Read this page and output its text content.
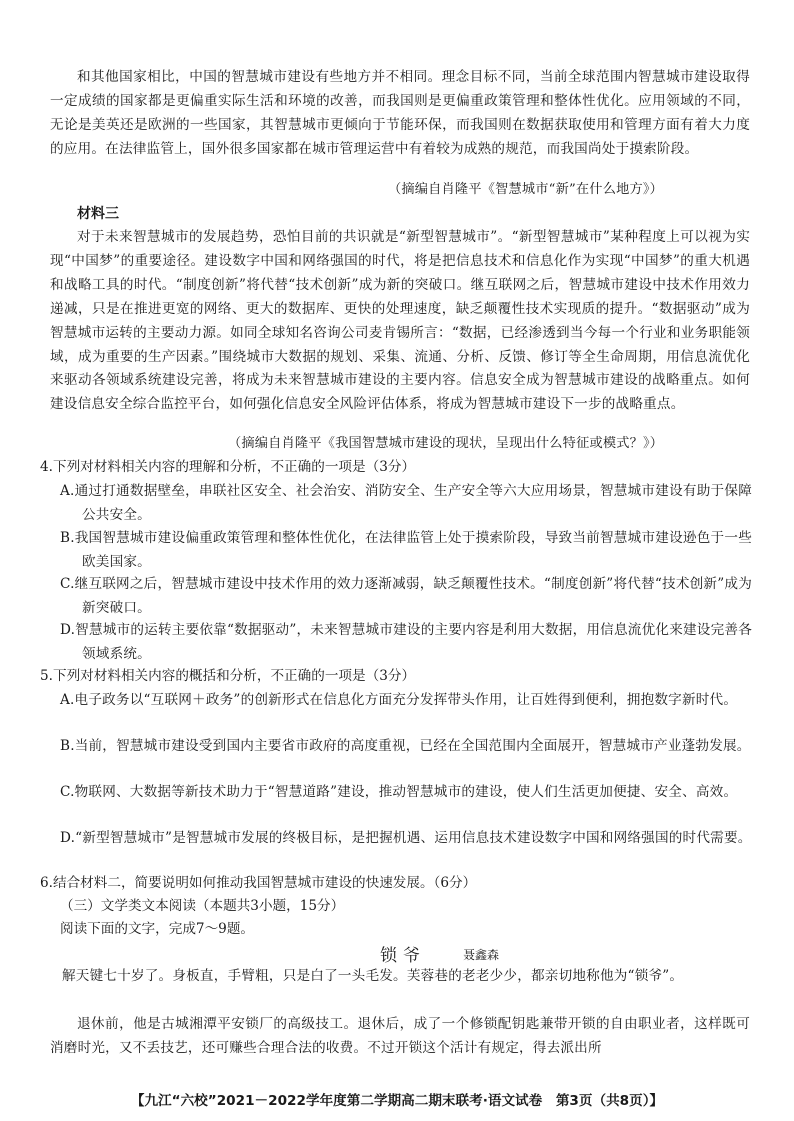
和其他国家相比，中国的智慧城市建设有些地方并不相同。理念目标不同，当前全球范围内智慧城市建设取得一定成绩的国家都是更偏重实际生活和环境的改善，而我国则是更偏重政策管理和整体性优化。应用领域的不同，无论是美英还是欧洲的一些国家，其智慧城市更倾向于节能环保，而我国则在数据获取使用和管理方面有着大力度的应用。在法律监管上，国外很多国家都在城市管理运营中有着较为成熟的规范，而我国尚处于摸索阶段。
（摘编自肖隆平《智慧城市“新”在什么地方》）
材料三
对于未来智慧城市的发展趋势，恐怕目前的共识就是“新型智慧城市”。“新型智慧城市”某种程度上可以视为实现“中国梦”的重要途径。建设数字中国和网络强国的时代，将是把信息技术和信息化作为实现“中国梦”的重大机遇和战略工具的时代。“制度创新”将代替“技术创新”成为新的突破口。继互联网之后，智慧城市建设中技术作用效力递减，只是在推进更宽的网络、更大的数据库、更快的处理速度，缺乏颠覆性技术实现质的提升。“数据驱动”成为智慧城市运转的主要动力源。如同全球知名咨询公司麦肯锡所言：“数据，已经渗透到当今每一个行业和业务职能领域，成为重要的生产因素。”围绕城市大数据的规划、采集、流通、分析、反馈、修订等全生命周期，用信息流优化来驱动各领域系统建设完善，将成为未来智慧城市建设的主要内容。信息安全成为智慧城市建设的战略重点。如何建设信息安全综合监控平台，如何强化信息安全风险评估体系，将成为智慧城市建设下一步的战略重点。
（摘编自肖隆平《我国智慧城市建设的现状，呈现出什么特征或模式？》）
4.下列对材料相关内容的理解和分析，不正确的一项是（3分）
A.通过打通数据壁垒，串联社区安全、社会治安、消防安全、生产安全等六大应用场景，智慧城市建设有助于保障公共安全。
B.我国智慧城市建设偏重政策管理和整体性优化，在法律监管上处于摸索阶段，导致当前智慧城市建设逊色于一些欧美国家。
C.继互联网之后，智慧城市建设中技术作用的效力逐渐减弱，缺乏颠覆性技术。“制度创新”将代替“技术创新”成为新突破口。
D.智慧城市的运转主要依靠“数据驱动”，未来智慧城市建设的主要内容是利用大数据，用信息流优化来建设完善各领域系统。
5.下列对材料相关内容的概括和分析，不正确的一项是（3分）
A.电子政务以“互联网＋政务”的创新形式在信息化方面充分发挥带头作用，让百姓得到便利，拥抱数字新时代。
B.当前，智慧城市建设受到国内主要省市政府的高度重视，已经在全国范围内全面展开，智慧城市产业蓬勃发展。
C.物联网、大数据等新技术助力于“智慧道路”建设，推动智慧城市的建设，使人们生活更加便捷、安全、高效。
D.“新型智慧城市”是智慧城市发展的终极目标，是把握机遇、运用信息技术建设数字中国和网络强国的时代需要。
6.结合材料二，简要说明如何推动我国智慧城市建设的快速发展。（6分）
（三）文学类文本阅读（本题共3小题，15分）
阅读下面的文字，完成7～9题。
锁爷	聂鑫森
解天键七十岁了。身板直，手臂粗，只是白了一头毛发。芙蓉巷的老老少少，都亲切地称他为“锁爷”。
退休前，他是古城湘潭平安锁厂的高级技工。退休后，成了一个修锁配钥匙兼带开锁的自由职业者，这样既可消磨时光，又不丢技艺，还可赚些合理合法的收费。不过开锁这个活计有规定，得去派出所
【九江“六校”2021－2022学年度第二学期高二期末联考·语文试卷　第3页（共8页）】
